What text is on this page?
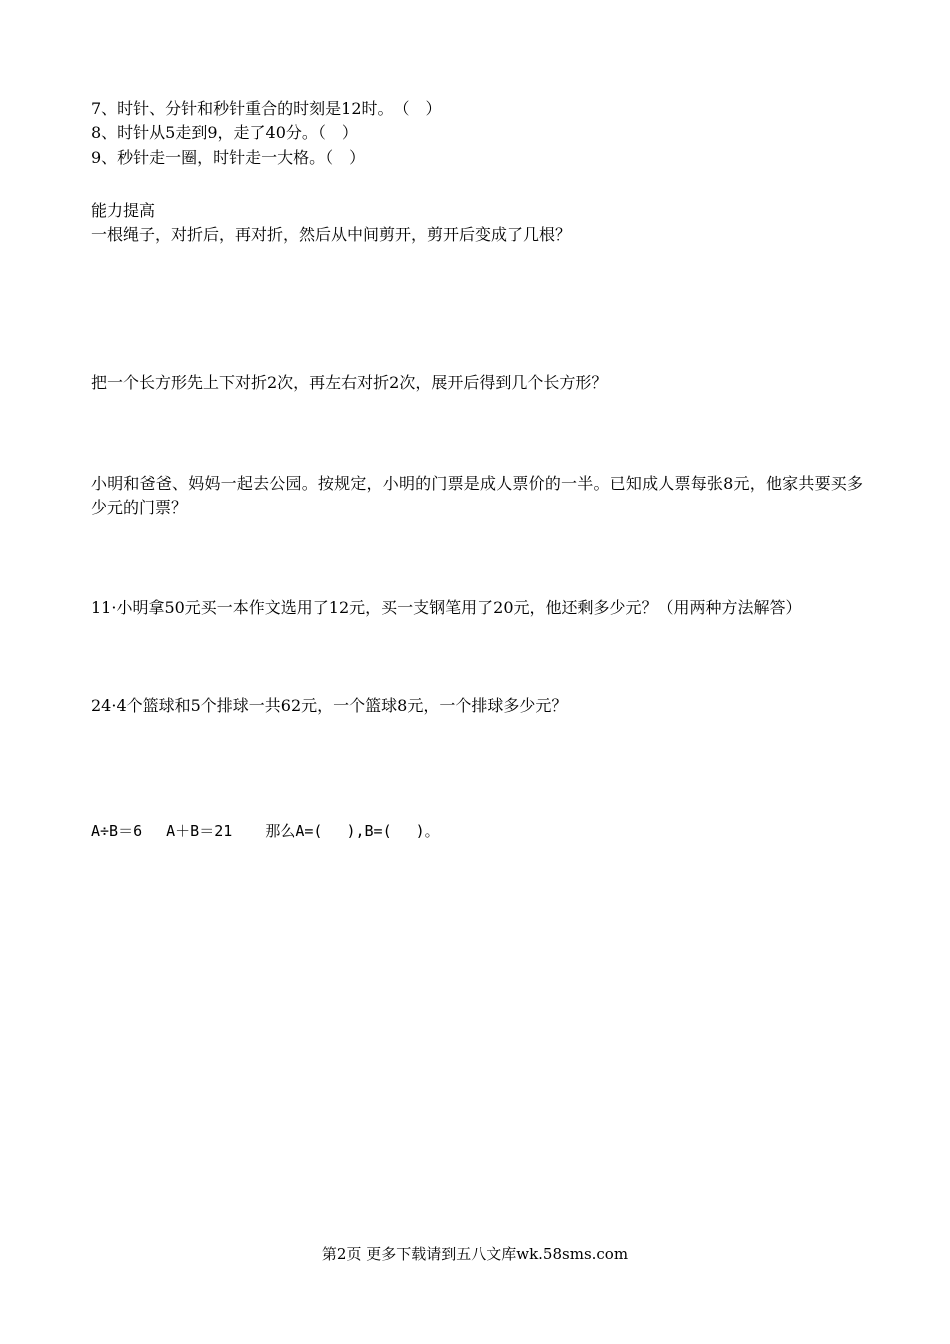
7、时针、分针和秒针重合的时刻是12时。　（　）
8、时针从5走到9，走了40分。（　）
9、秒针走一圈，时针走一大格。（　）
能力提高
一根绳子，对折后，再对折，然后从中间剪开，剪开后变成了几根？
把一个长方形先上下对折2次，再左右对折2次，展开后得到几个长方形？
小明和爸爸、妈妈一起去公园。按规定，小明的门票是成人票价的一半。已知成人票每张8元，他家共要买多少元的门票？
11·小明拿50元买一本作文选用了12元，买一支钢笔用了20元，他还剩多少元？（用两种方法解答）
24·4个篮球和5个排球一共62元，一个篮球8元，一个排球多少元？
A÷B＝6　 A＋B＝21 　 那么A=(　 ),B=(　 )。
第2页 更多下载请到五八文库wk.58sms.com
